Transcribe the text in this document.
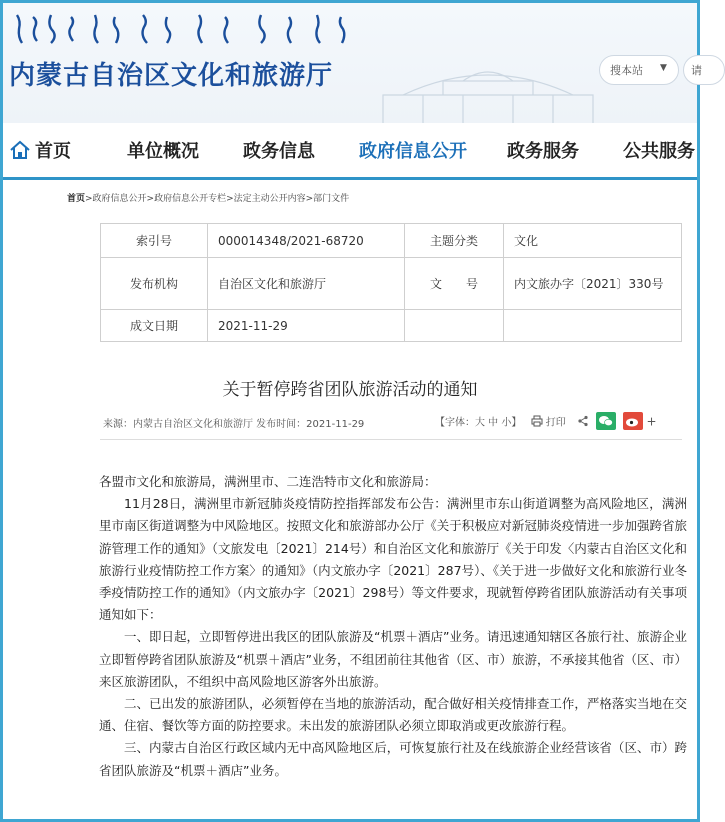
内蒙古自治区文化和旅游厅	搜本站 ▼ 请
首页	单位概况 政务信息 政府信息公开 政务服务 公共服务
首页>政府信息公开>政府信息公开专栏>法定主动公开内容>部门文件
索引号	000014348/2021-68720	主题分类	文化
发布机构	自治区文化和旅游厅	文　　号	内文旅办字〔2021〕330号
成文日期	2021-11-29		
关于暂停跨省团队旅游活动的通知
来源：内蒙古自治区文化和旅游厅 发布时间：2021-11-29	【字体：大 中 小】 打印	+

各盟市文化和旅游局，满洲里市、二连浩特市文化和旅游局：

11月28日，满洲里市新冠肺炎疫情防控指挥部发布公告：满洲里市东山街道调整为高风险地区，满洲里市南区街道调整为中风险地区。按照文化和旅游部办公厅《关于积极应对新冠肺炎疫情进一步加强跨省旅游管理工作的通知》（文旅发电〔2021〕214号）和自治区文化和旅游厅《关于印发〈内蒙古自治区文化和旅游行业疫情防控工作方案〉的通知》（内文旅办字〔2021〕287号）、《关于进一步做好文化和旅游行业冬季疫情防控工作的通知》（内文旅办字〔2021〕298号）等文件要求，现就暂停跨省团队旅游活动有关事项通知如下：

一、即日起，立即暂停进出我区的团队旅游及“机票＋酒店”业务。请迅速通知辖区各旅行社、旅游企业立即暂停跨省团队旅游及“机票＋酒店”业务，不组团前往其他省（区、市）旅游，不承接其他省（区、市）来区旅游团队，不组织中高风险地区游客外出旅游。

二、已出发的旅游团队，必须暂停在当地的旅游活动，配合做好相关疫情排查工作，严格落实当地在交通、住宿、餐饮等方面的防控要求。未出发的旅游团队必须立即取消或更改旅游行程。

三、内蒙古自治区行政区域内无中高风险地区后，可恢复旅行社及在线旅游企业经营该省（区、市）跨省团队旅游及“机票＋酒店”业务。
